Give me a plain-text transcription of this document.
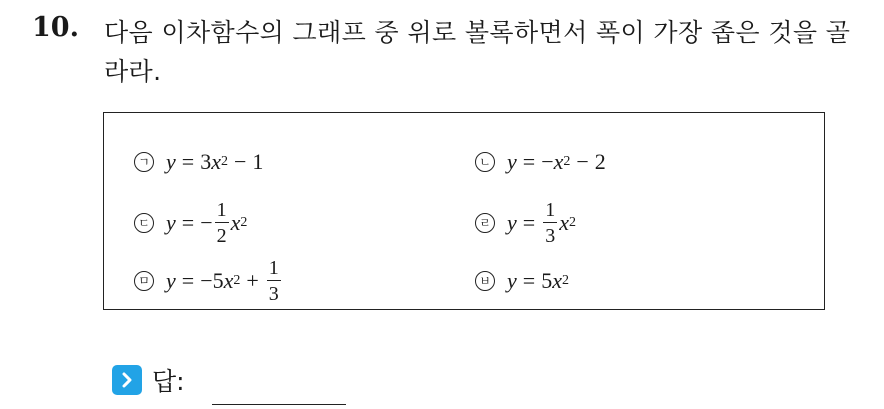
10. 다음 이차함수의 그래프 중 위로 볼록하면서 폭이 가장 좁은 것을 골라라.
ㄱ y = 3 x 2 − 1	ㄴ y = − x 2 − 2
ㄷ y = − $\frac{1}{2}$ x 2	ㄹ $y = \frac{1}{3}$ x 2
ㅁ y = −5 x $2 + \frac{1}{3}$	ㅂ y = 5 x 2
답:
